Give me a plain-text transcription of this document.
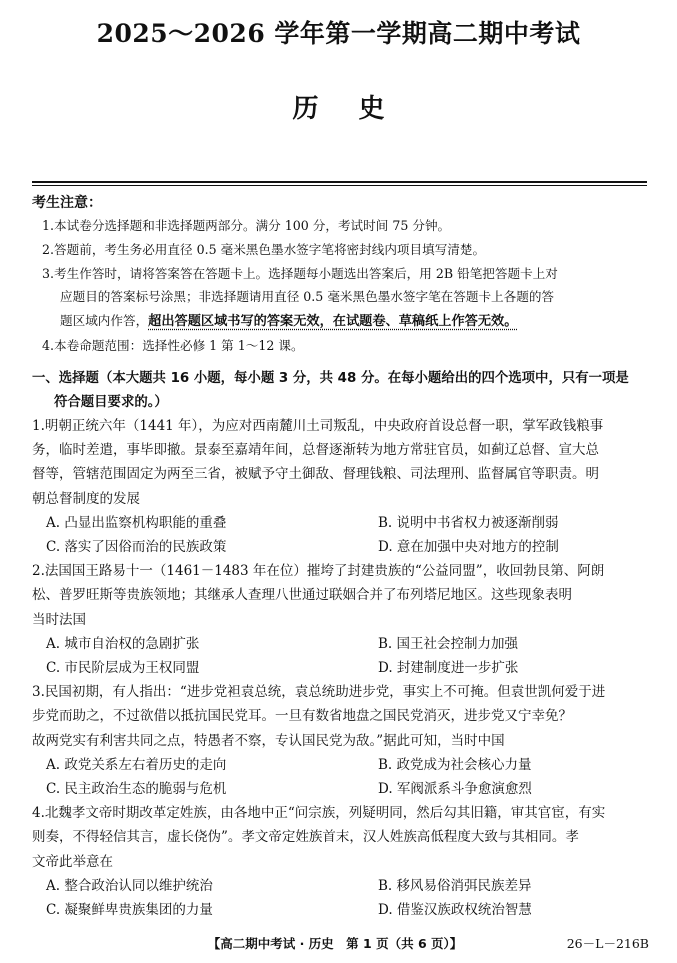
2025～2026 学年第一学期高二期中考试
历史
考生注意：
1.本试卷分选择题和非选择题两部分。满分 100 分，考试时间 75 分钟。
2.答题前，考生务必用直径 0.5 毫米黑色墨水签字笔将密封线内项目填写清楚。
3.考生作答时，请将答案答在答题卡上。选择题每小题选出答案后，用 2B 铅笔把答题卡上对
应题目的答案标号涂黑；非选择题请用直径 0.5 毫米黑色墨水签字笔在答题卡上各题的答
题区域内作答，超出答题区域书写的答案无效，在试题卷、草稿纸上作答无效。
4.本卷命题范围：选择性必修 1 第 1～12 课。
一、选择题（本大题共 16 小题，每小题 3 分，共 48 分。在每小题给出的四个选项中，只有一项是
符合题目要求的。）
1.明朝正统六年（1441 年），为应对西南麓川土司叛乱，中央政府首设总督一职，掌军政钱粮事
务，临时差遣，事毕即撤。景泰至嘉靖年间，总督逐渐转为地方常驻官员，如蓟辽总督、宣大总
督等，管辖范围固定为两至三省，被赋予守土御敌、督理钱粮、司法理刑、监督属官等职责。明
朝总督制度的发展
A. 凸显出监察机构职能的重叠	B. 说明中书省权力被逐渐削弱
C. 落实了因俗而治的民族政策	D. 意在加强中央对地方的控制
2.法国国王路易十一（1461－1483 年在位）摧垮了封建贵族的“公益同盟”，收回勃艮第、阿朗
松、普罗旺斯等贵族领地；其继承人查理八世通过联姻合并了布列塔尼地区。这些现象表明
当时法国
A. 城市自治权的急剧扩张	B. 国王社会控制力加强
C. 市民阶层成为王权同盟	D. 封建制度进一步扩张
3.民国初期，有人指出：“进步党袒袁总统，袁总统助进步党，事实上不可掩。但袁世凯何爱于进
步党而助之，不过欲借以抵抗国民党耳。一旦有数省地盘之国民党消灭，进步党又宁幸免？
故两党实有利害共同之点，特愚者不察，专认国民党为敌。”据此可知，当时中国
A. 政党关系左右着历史的走向	B. 政党成为社会核心力量
C. 民主政治生态的脆弱与危机	D. 军阀派系斗争愈演愈烈
4.北魏孝文帝时期改革定姓族，由各地中正“问宗族，列疑明同，然后勾其旧籍，审其官宦，有实
则奏，不得轻信其言，虚长侥伪”。孝文帝定姓族首末，汉人姓族高低程度大致与其相同。孝
文帝此举意在
A. 整合政治认同以维护统治	B. 移风易俗消弭民族差异
C. 凝聚鲜卑贵族集团的力量	D. 借鉴汉族政权统治智慧
【高二期中考试 · 历史　第 1 页（共 6 页）】	26－L－216B
